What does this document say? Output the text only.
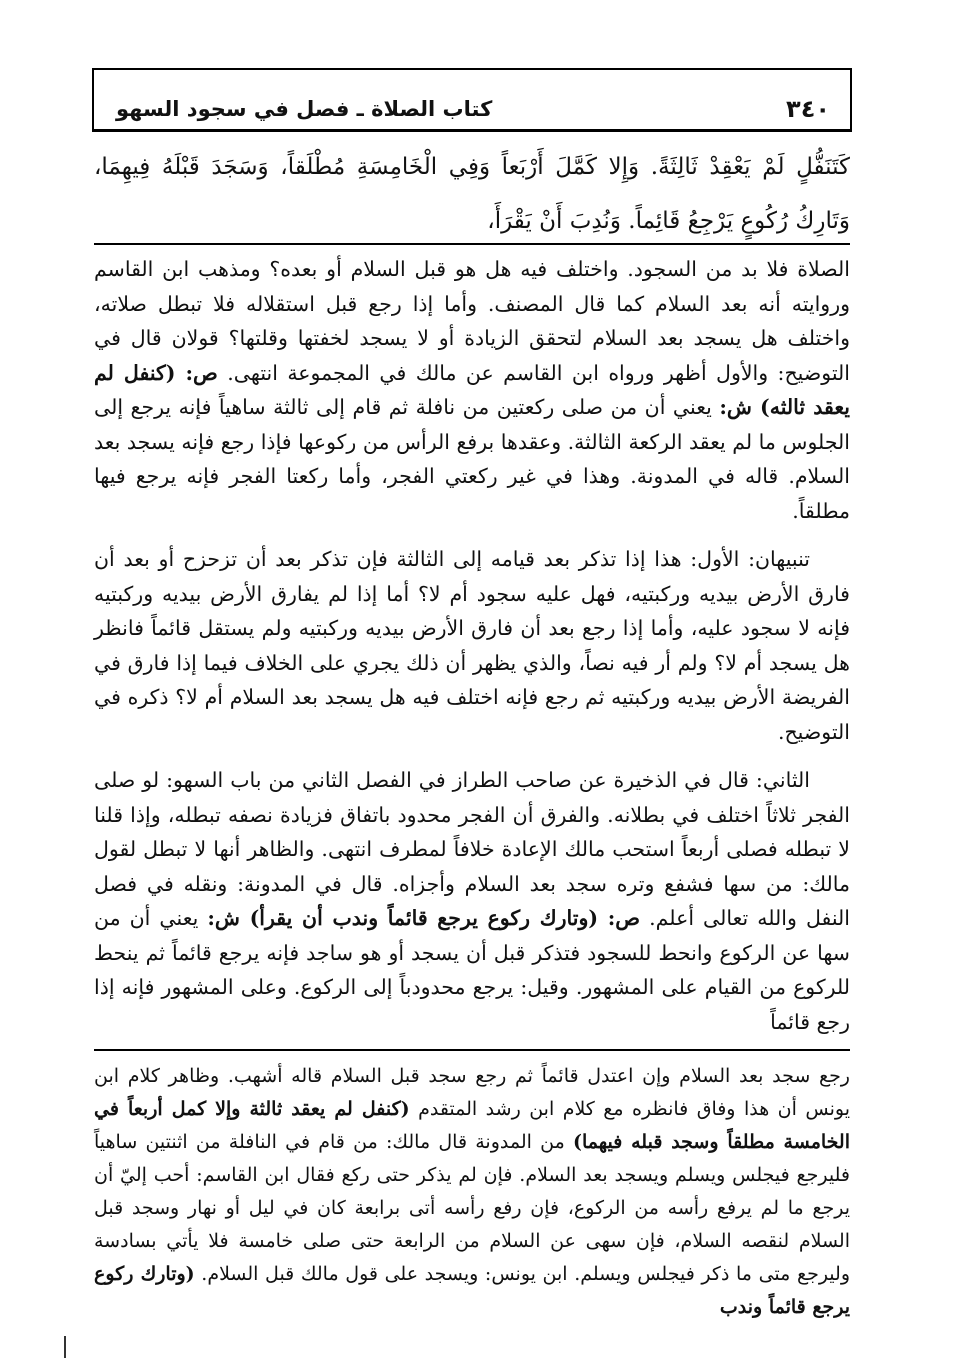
٣٤٠
كتاب الصلاة ـ فصل في سجود السهو
كَتَنَفُّلٍ لَمْ يَعْقِدْ ثَالِثَةً. وَإِلا كَمَّلَ أَرْبَعاً وَفِي الْخَامِسَةِ مُطْلَقاً، وَسَجَدَ قَبْلَهُ فِيهِمَا، وَتَارِكُ رُكُوعٍ يَرْجِعُ قَائِماً. وَنُدِبَ أَنْ يَقْرَأَ،

الصلاة فلا بد من السجود. واختلف فيه هل هو قبل السلام أو بعده؟ ومذهب ابن القاسم وروايته أنه بعد السلام كما قال المصنف. وأما إذا رجع قبل استقلاله فلا تبطل صلاته، واختلف هل يسجد بعد السلام لتحقق الزيادة أو لا يسجد لخفتها وقلتها؟ قولان قال في التوضيح: والأول أظهر ورواه ابن القاسم عن مالك في المجموعة انتهى. ص: (كنفل لم يعقد ثالثه) ش: يعني أن من صلى ركعتين من نافلة ثم قام إلى ثالثة ساهياً فإنه يرجع إلى الجلوس ما لم يعقد الركعة الثالثة. وعقدها برفع الرأس من ركوعها فإذا رجع فإنه يسجد بعد السلام. قاله في المدونة. وهذا في غير ركعتي الفجر، وأما ركعتا الفجر فإنه يرجع فيها مطلقاً.

تنبيهان: الأول: هذا إذا تذكر بعد قيامه إلى الثالثة فإن تذكر بعد أن تزحزح أو بعد أن فارق الأرض بيديه وركبتيه، فهل عليه سجود أم لا؟ أما إذا لم يفارق الأرض بيديه وركبتيه فإنه لا سجود عليه، وأما إذا رجع بعد أن فارق الأرض بيديه وركبتيه ولم يستقل قائماً فانظر هل يسجد أم لا؟ ولم أر فيه نصاً، والذي يظهر أن ذلك يجري على الخلاف فيما إذا فارق في الفريضة الأرض بيديه وركبتيه ثم رجع فإنه اختلف فيه هل يسجد بعد السلام أم لا؟ ذكره في التوضيح.

الثاني: قال في الذخيرة عن صاحب الطراز في الفصل الثاني من باب السهو: لو صلى الفجر ثلاثاً اختلف في بطلانه. والفرق أن الفجر محدود باتفاق فزيادة نصفه تبطله، وإذا قلنا لا تبطله فصلى أربعاً استحب مالك الإعادة خلافاً لمطرف انتهى. والظاهر أنها لا تبطل لقول مالك: من سها فشفع وتره سجد بعد السلام وأجزاه. قال في المدونة: ونقله في فصل النفل والله تعالى أعلم. ص: (وتارك ركوع يرجع قائماً وندب أن يقرأ) ش: يعني أن من سها عن الركوع وانحط للسجود فتذكر قبل أن يسجد أو هو ساجد فإنه يرجع قائماً ثم ينحط للركوع من القيام على المشهور. وقيل: يرجع محدودباً إلى الركوع. وعلى المشهور فإنه إذا رجع قائماً

رجع سجد بعد السلام وإن اعتدل قائماً ثم رجع سجد قبل السلام قاله أشهب. وظاهر كلام ابن يونس أن هذا وفاق فانظره مع كلام ابن رشد المتقدم (كنفل لم يعقد ثالثة وإلا كمل أربعاً في الخامسة مطلقاً وسجد قبله فيهما) من المدونة قال مالك: من قام في النافلة من اثنتين ساهياً فليرجع فيجلس ويسلم ويسجد بعد السلام. فإن لم يذكر حتى ركع فقال ابن القاسم: أحب إليّ أن يرجع ما لم يرفع رأسه من الركوع، فإن رفع رأسه أتى برابعة كان في ليل أو نهار وسجد قبل السلام لنقصه السلام، فإن سهى عن السلام من الرابعة حتى صلى خامسة فلا يأتي بسادسة وليرجع متى ما ذكر فيجلس ويسلم. ابن يونس: ويسجد على قول مالك قبل السلام. (وتارك ركوع يرجع قائماً وندب
